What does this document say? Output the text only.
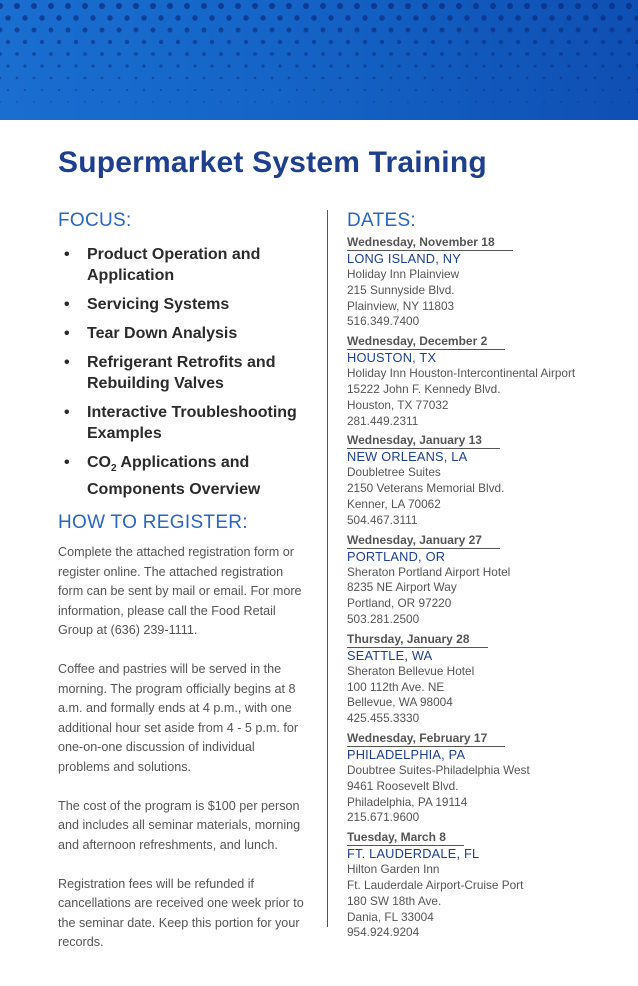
Supermarket System Training
FOCUS:
• Product Operation and Application
• Servicing Systems
• Tear Down Analysis
• Refrigerant Retrofits and Rebuilding Valves
• Interactive Troubleshooting Examples
• $CO_2$ Applications and Components Overview
HOW TO REGISTER:

Complete the attached registration form or register online. The attached registration form can be sent by mail or email. For more information, please call the Food Retail Group at (636) 239-1111.

Coffee and pastries will be served in the morning. The program officially begins at 8 a.m. and formally ends at 4 p.m., with one additional hour set aside from 4 - 5 p.m. for one-on-one discussion of individual problems and solutions.

The cost of the program is $100 per person and includes all seminar materials, morning and afternoon refreshments, and lunch.

Registration fees will be refunded if cancellations are received one week prior to the seminar date. Keep this portion for your records.

DATES:
Wednesday, November 18
LONG ISLAND, NY
Holiday Inn Plainview
215 Sunnyside Blvd.
Plainview, NY 11803
516.349.7400
Wednesday, December 2
HOUSTON, TX
Holiday Inn Houston-Intercontinental Airport
15222 John F. Kennedy Blvd.
Houston, TX 77032
281.449.2311
Wednesday, January 13
NEW ORLEANS, LA
Doubletree Suites
2150 Veterans Memorial Blvd.
Kenner, LA 70062
504.467.3111
Wednesday, January 27
PORTLAND, OR
Sheraton Portland Airport Hotel
8235 NE Airport Way
Portland, OR 97220
503.281.2500
Thursday, January 28
SEATTLE, WA
Sheraton Bellevue Hotel
100 112th Ave. NE
Bellevue, WA 98004
425.455.3330
Wednesday, February 17
PHILADELPHIA, PA
Doubtree Suites-Philadelphia West
9461 Roosevelt Blvd.
Philadelphia, PA 19114
215.671.9600
Tuesday, March 8
FT. LAUDERDALE, FL
Hilton Garden Inn
Ft. Lauderdale Airport-Cruise Port
180 SW 18th Ave.
Dania, FL 33004
954.924.9204
